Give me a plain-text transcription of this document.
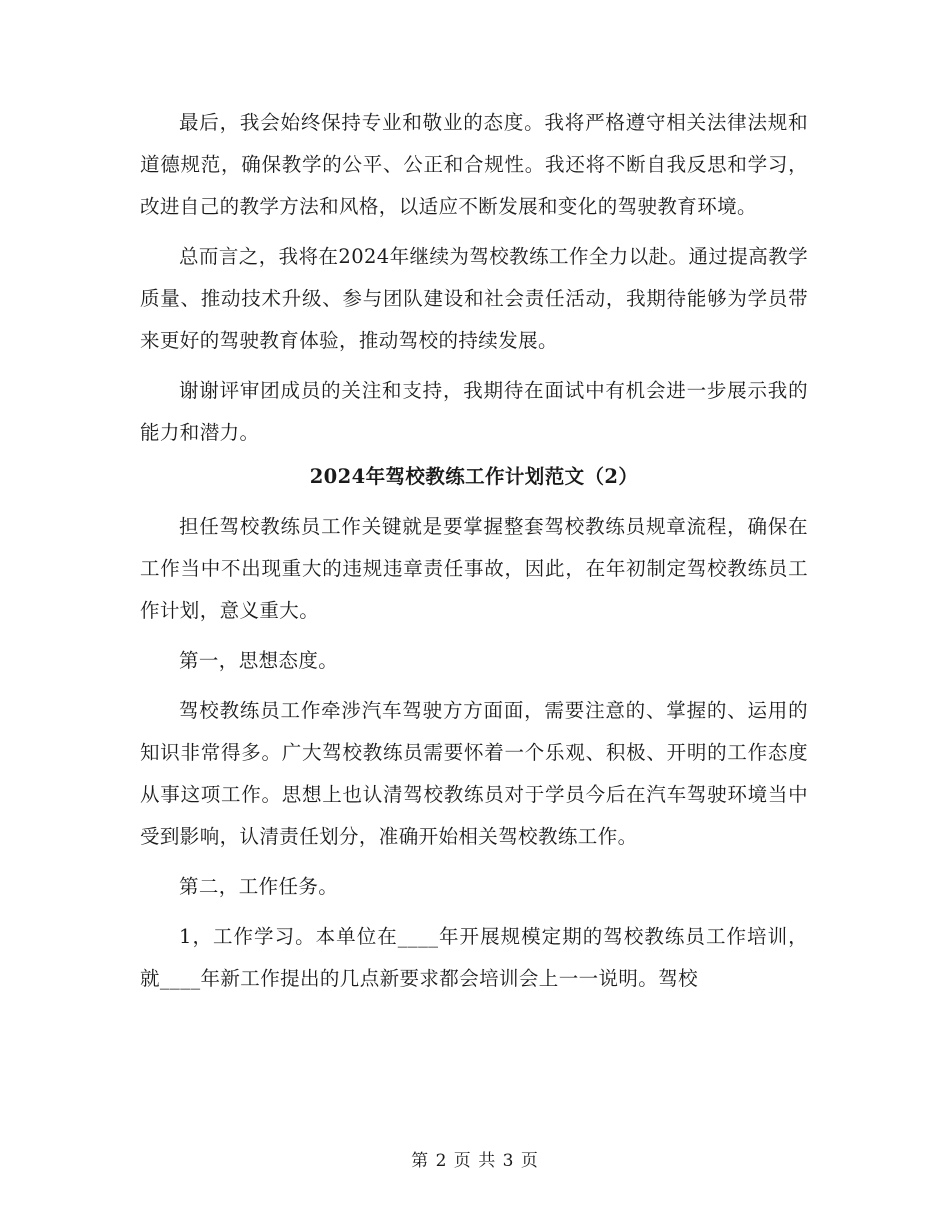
最后，我会始终保持专业和敬业的态度。我将严格遵守相关法律法规和道德规范，确保教学的公平、公正和合规性。我还将不断自我反思和学习，改进自己的教学方法和风格，以适应不断发展和变化的驾驶教育环境。

总而言之，我将在2024年继续为驾校教练工作全力以赴。通过提高教学质量、推动技术升级、参与团队建设和社会责任活动，我期待能够为学员带来更好的驾驶教育体验，推动驾校的持续发展。

谢谢评审团成员的关注和支持，我期待在面试中有机会进一步展示我的能力和潜力。

2024年驾校教练工作计划范文（2）

担任驾校教练员工作关键就是要掌握整套驾校教练员规章流程，确保在工作当中不出现重大的违规违章责任事故，因此，在年初制定驾校教练员工作计划，意义重大。

第一，思想态度。

驾校教练员工作牵涉汽车驾驶方方面面，需要注意的、掌握的、运用的知识非常得多。广大驾校教练员需要怀着一个乐观、积极、开明的工作态度从事这项工作。思想上也认清驾校教练员对于学员今后在汽车驾驶环境当中受到影响，认清责任划分，准确开始相关驾校教练工作。

第二，工作任务。

1，工作学习。本单位在____年开展规模定期的驾校教练员工作培训，就____年新工作提出的几点新要求都会培训会上一一说明。驾校

第 2 页 共 3 页
